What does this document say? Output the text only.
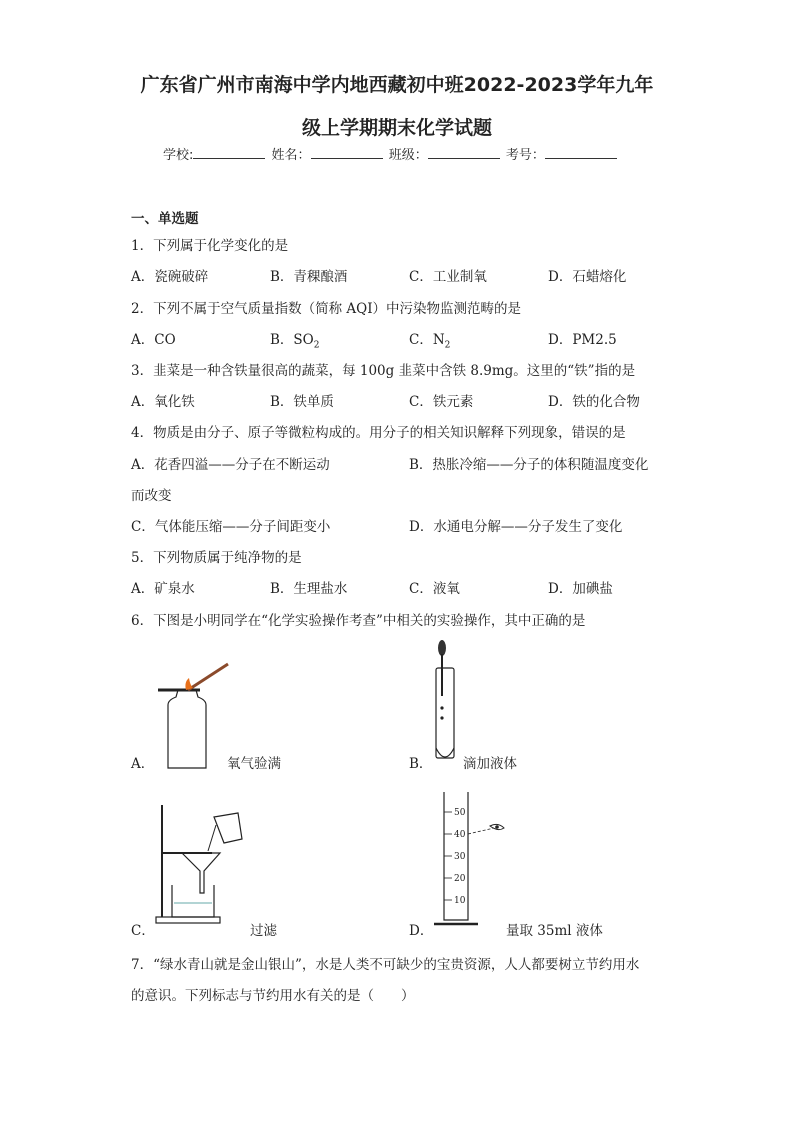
广东省广州市南海中学内地西藏初中班2022-2023学年九年
级上学期期末化学试题
学校:	姓名：	班级：	考号：
一、单选题
1．下列属于化学变化的是
A．瓷碗破碎	B．青稞酿酒	C．工业制氧	D．石蜡熔化
2．下列不属于空气质量指数（简称 AQI）中污染物监测范畴的是
A．CO	B．$SO_2$	C．$N_2$	D．PM2.5
3．韭菜是一种含铁量很高的蔬菜，每 100g 韭菜中含铁 8.9mg。这里的“铁”指的是
A．氧化铁	B．铁单质	C．铁元素	D．铁的化合物
4．物质是由分子、原子等微粒构成的。用分子的相关知识解释下列现象，错误的是
A．花香四溢——分子在不断运动	B．热胀冷缩——分子的体积随温度变化
而改变
C．气体能压缩——分子间距变小	D．水通电分解——分子发生了变化
5．下列物质属于纯净物的是
A．矿泉水	B．生理盐水	C．液氧	D．加碘盐
6．下图是小明同学在“化学实验操作考查”中相关的实验操作，其中正确的是
A．	氧气验满	B． 滴加液体
C．	过滤
50
40
30
20
10
D．	量取 35ml 液体
7．“绿水青山就是金山银山”，水是人类不可缺少的宝贵资源，人人都要树立节约用水
的意识。下列标志与节约用水有关的是（　　）
